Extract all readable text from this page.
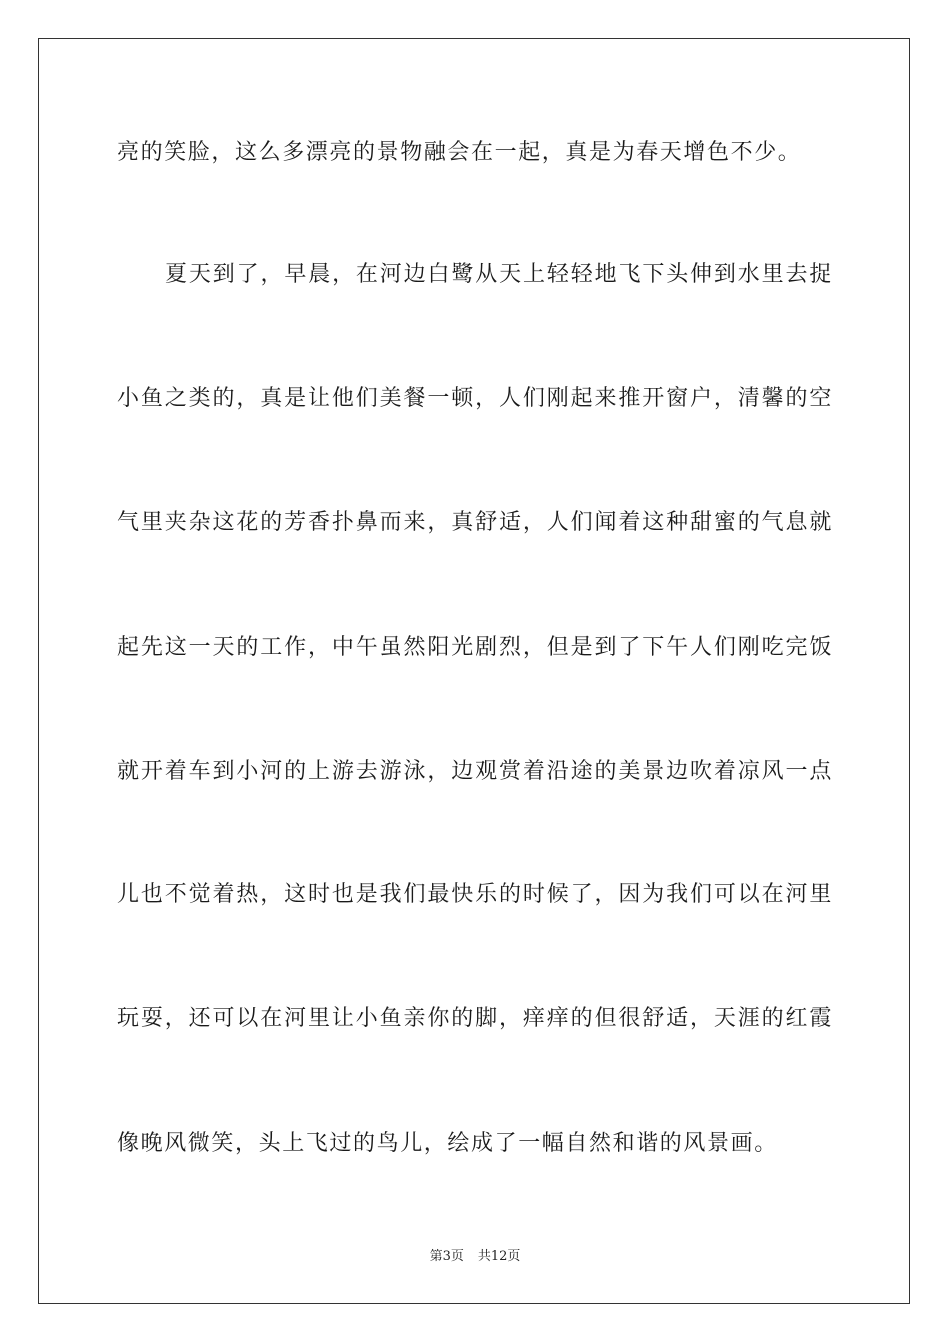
亮的笑脸，这么多漂亮的景物融会在一起，真是为春天增色不少。
夏天到了，早晨，在河边白鹭从天上轻轻地飞下头伸到水里去捉
小鱼之类的，真是让他们美餐一顿，人们刚起来推开窗户，清馨的空
气里夹杂这花的芳香扑鼻而来，真舒适，人们闻着这种甜蜜的气息就
起先这一天的工作，中午虽然阳光剧烈，但是到了下午人们刚吃完饭
就开着车到小河的上游去游泳，边观赏着沿途的美景边吹着凉风一点
儿也不觉着热，这时也是我们最快乐的时候了，因为我们可以在河里
玩耍，还可以在河里让小鱼亲你的脚，痒痒的但很舒适，天涯的红霞
像晚风微笑，头上飞过的鸟儿，绘成了一幅自然和谐的风景画。
第3页 共12页
